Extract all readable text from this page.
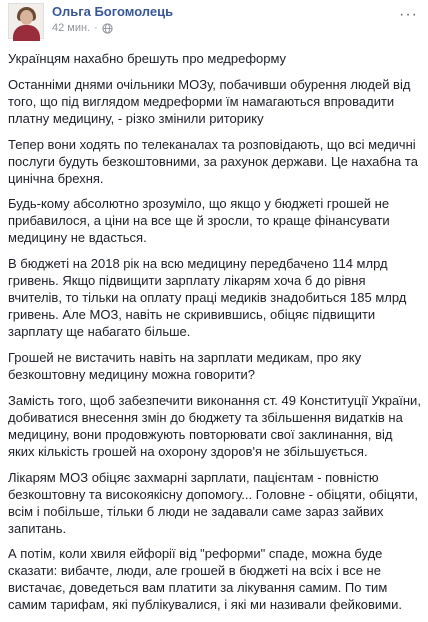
Ольга Богомолець
42 мин. ·
···

Українцям нахабно брешуть про медреформу

Останніми днями очільники МОЗу, побачивши обурення людей від того, що під виглядом медреформи їм намагаються впровадити платну медицину, - різко змінили риторику

Тепер вони ходять по телеканалах та розповідають, що всі медичні послуги будуть безкоштовними, за рахунок держави. Це нахабна та цинічна брехня.

Будь-кому абсолютно зрозуміло, що якщо у бюджеті грошей не прибавилося, а ціни на все ще й зросли, то краще фінансувати медицину не вдасться.

В бюджеті на 2018 рік на всю медицину передбачено 114 млрд гривень. Якщо підвищити зарплату лікарям хоча б до рівня вчителів, то тільки на оплату праці медиків знадобиться 185 млрд гривень. Але МОЗ, навіть не скривившись, обіцяє підвищити зарплату ще набагато більше.

Грошей не вистачить навіть на зарплати медикам, про яку безкоштовну медицину можна говорити?

Замість того, щоб забезпечити виконання ст. 49 Конституції України, добиватися внесення змін до бюджету та збільшення видатків на медицину, вони продовжують повторювати свої заклинання, від яких кількість грошей на охорону здоров'я не збільшується.

Лікарям МОЗ обіцяє захмарні зарплати, пацієнтам - повністю безкоштовну та високоякісну допомогу... Головне - обіцяти, обіцяти, всім і побільше, тільки б люди не задавали саме зараз зайвих запитань.

А потім, коли хвиля ейфорії від "реформи" спаде, можна буде сказати: вибачте, люди, але грошей в бюджеті на всіх і все не вистачає, доведеться вам платити за лікування самим. По тим самим тарифам, які публікувалися, і які ми називали фейковими.
